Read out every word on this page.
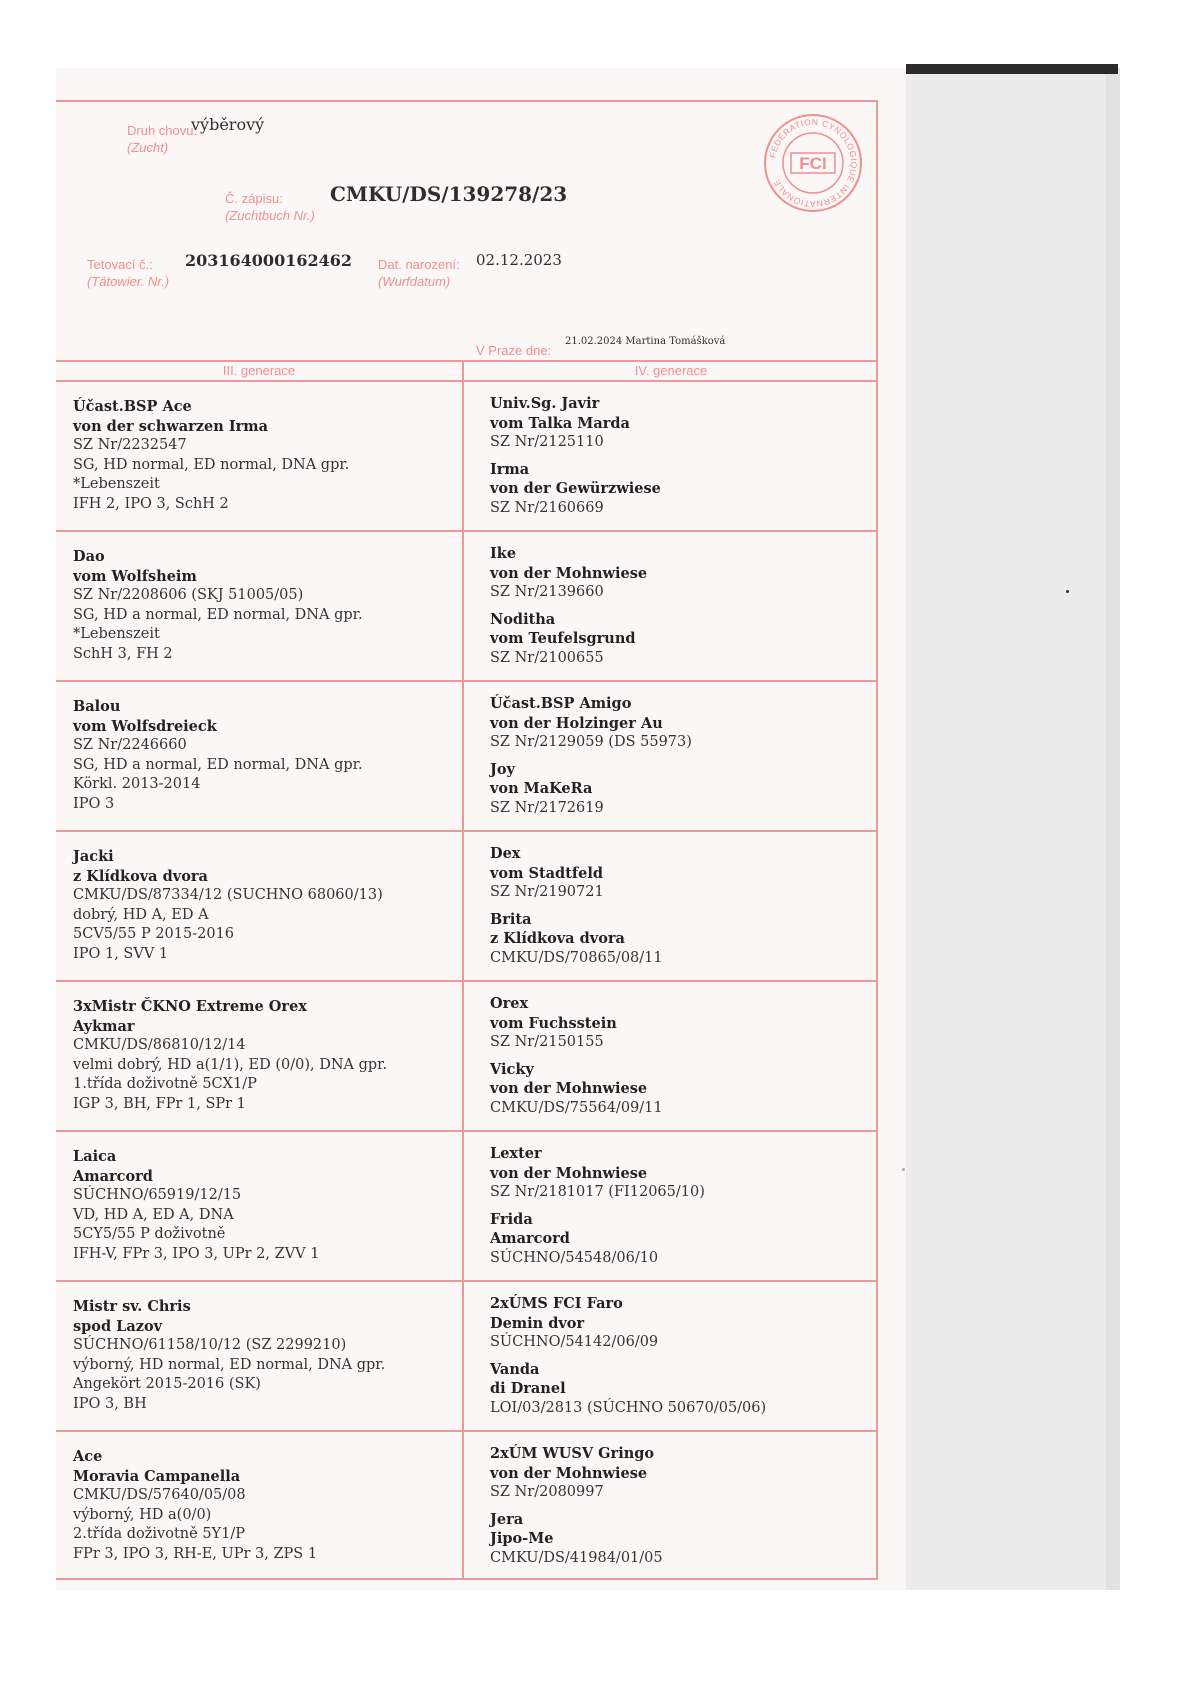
Druh chovu:
(Zucht)
výběrový
Č. zápisu:
(Zuchtbuch Nr.)
CMKU/DS/139278/23
Tetovací č.:
(Tätowier. Nr.)
203164000162462 Dat. narození:
(Wurfdatum)
02.12.2023
V Praze dne:
21.02.2024 Martina Tomášková
FEDERATION CYNOLOGIQUE INTERNATIONALE
FCI
III. generace	IV. generace
Účast.BSP Ace
von der schwarzen Irma
SZ Nr/2232547
SG, HD normal, ED normal, DNA gpr.
*Lebenszeit
IFH 2, IPO 3, SchH 2
Univ.Sg. Javir
vom Talka Marda
SZ Nr/2125110
Irma
von der Gewürzwiese
SZ Nr/2160669
Dao
vom Wolfsheim
SZ Nr/2208606 (SKJ 51005/05)
SG, HD a normal, ED normal, DNA gpr.
*Lebenszeit
SchH 3, FH 2
Ike
von der Mohnwiese
SZ Nr/2139660
Noditha
vom Teufelsgrund
SZ Nr/2100655
Balou
vom Wolfsdreieck
SZ Nr/2246660
SG, HD a normal, ED normal, DNA gpr.
Körkl. 2013-2014
IPO 3
Účast.BSP Amigo
von der Holzinger Au
SZ Nr/2129059 (DS 55973)
Joy
von MaKeRa
SZ Nr/2172619
Jacki
z Klídkova dvora
CMKU/DS/87334/12 (SUCHNO 68060/13)
dobrý, HD A, ED A
5CV5/55 P 2015-2016
IPO 1, SVV 1
Dex
vom Stadtfeld
SZ Nr/2190721
Brita
z Klídkova dvora
CMKU/DS/70865/08/11
3xMistr ČKNO Extreme Orex
Aykmar
CMKU/DS/86810/12/14
velmi dobrý, HD a(1/1), ED (0/0), DNA gpr.
1.třída doživotně 5CX1/P
IGP 3, BH, FPr 1, SPr 1
Orex
vom Fuchsstein
SZ Nr/2150155
Vicky
von der Mohnwiese
CMKU/DS/75564/09/11
Laica
Amarcord
SÚCHNO/65919/12/15
VD, HD A, ED A, DNA
5CY5/55 P doživotně
IFH-V, FPr 3, IPO 3, UPr 2, ZVV 1
Lexter
von der Mohnwiese
SZ Nr/2181017 (FI12065/10)
Frida
Amarcord
SÚCHNO/54548/06/10
Mistr sv. Chris
spod Lazov
SÚCHNO/61158/10/12 (SZ 2299210)
výborný, HD normal, ED normal, DNA gpr.
Angekört 2015-2016 (SK)
IPO 3, BH
2xÚMS FCI Faro
Demin dvor
SÚCHNO/54142/06/09
Vanda
di Dranel
LOI/03/2813 (SÚCHNO 50670/05/06)
Ace
Moravia Campanella
CMKU/DS/57640/05/08
výborný, HD a(0/0)
2.třída doživotně 5Y1/P
FPr 3, IPO 3, RH-E, UPr 3, ZPS 1
2xÚM WUSV Gringo
von der Mohnwiese
SZ Nr/2080997
Jera
Jipo-Me
CMKU/DS/41984/01/05
